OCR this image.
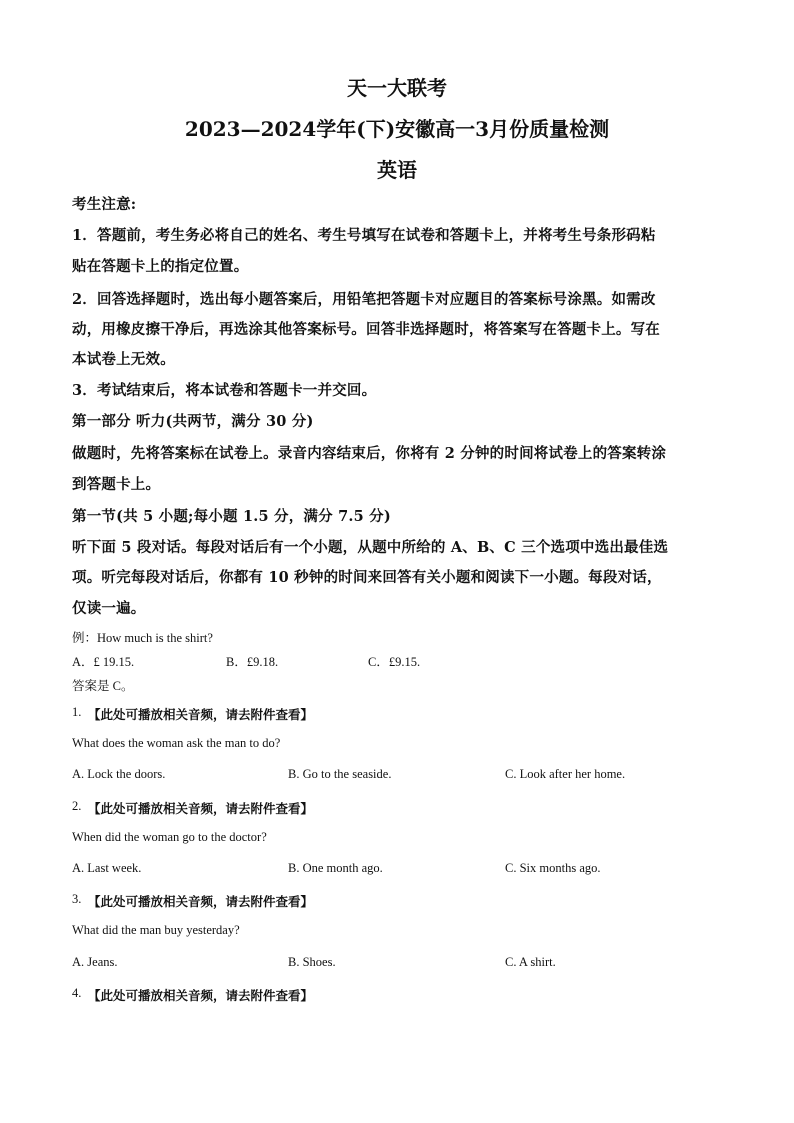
天一大联考
2023—2024学年(下)安徽高一3月份质量检测
英语
考生注意:
1．答题前，考生务必将自己的姓名、考生号填写在试卷和答题卡上，并将考生号条形码粘
贴在答题卡上的指定位置。
2．回答选择题时，选出每小题答案后，用铅笔把答题卡对应题目的答案标号涂黑。如需改
动，用橡皮擦干净后，再选涂其他答案标号。回答非选择题时，将答案写在答题卡上。写在
本试卷上无效。
3．考试结束后，将本试卷和答题卡一并交回。
第一部分 听力(共两节，满分 30 分)
做题时，先将答案标在试卷上。录音内容结束后，你将有 2 分钟的时间将试卷上的答案转涂
到答题卡上。
第一节(共 5 小题;每小题 1.5 分，满分 7.5 分)
听下面 5 段对话。每段对话后有一个小题，从题中所给的 A、B、C 三个选项中选出最佳选
项。听完每段对话后，你都有 10 秒钟的时间来回答有关小题和阅读下一小题。每段对话，
仅读一遍。
例：How much is the shirt?
A．£ 19.15.	B．£9.18.	C．£9.15.
答案是 C。
1. 【此处可播放相关音频，请去附件查看】
What does the woman ask the man to do?
A. Lock the doors.	B. Go to the seaside.	C. Look after her home.
2. 【此处可播放相关音频，请去附件查看】
When did the woman go to the doctor?
A. Last week.	B. One month ago.	C. Six months ago.
3. 【此处可播放相关音频，请去附件查看】
What did the man buy yesterday?
A. Jeans.	B. Shoes.	C. A shirt.
4. 【此处可播放相关音频，请去附件查看】
